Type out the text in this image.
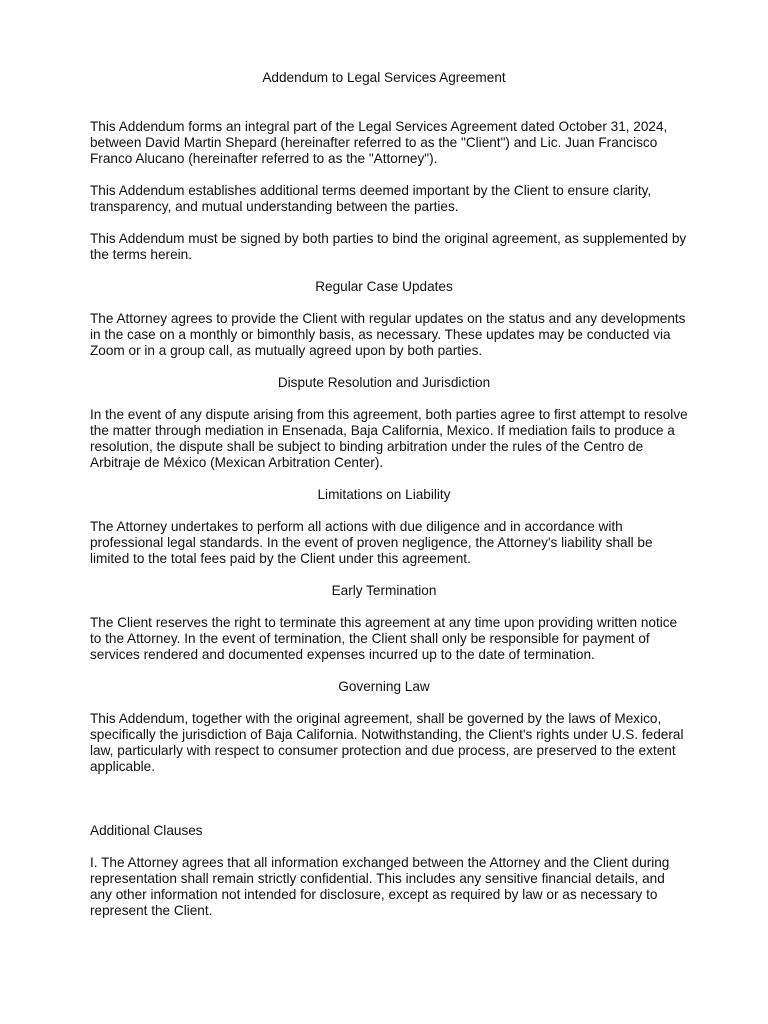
Addendum to Legal Services Agreement

This Addendum forms an integral part of the Legal Services Agreement dated October 31, 2024, between David Martin Shepard (hereinafter referred to as the "Client") and Lic. Juan Francisco Franco Alucano (hereinafter referred to as the "Attorney").

This Addendum establishes additional terms deemed important by the Client to ensure clarity, transparency, and mutual understanding between the parties.

This Addendum must be signed by both parties to bind the original agreement, as supplemented by the terms herein.

Regular Case Updates

The Attorney agrees to provide the Client with regular updates on the status and any developments in the case on a monthly or bimonthly basis, as necessary. These updates may be conducted via Zoom or in a group call, as mutually agreed upon by both parties.

Dispute Resolution and Jurisdiction

In the event of any dispute arising from this agreement, both parties agree to first attempt to resolve the matter through mediation in Ensenada, Baja California, Mexico. If mediation fails to produce a resolution, the dispute shall be subject to binding arbitration under the rules of the Centro de Arbitraje de México (Mexican Arbitration Center).

Limitations on Liability

The Attorney undertakes to perform all actions with due diligence and in accordance with professional legal standards. In the event of proven negligence, the Attorney's liability shall be limited to the total fees paid by the Client under this agreement.

Early Termination

The Client reserves the right to terminate this agreement at any time upon providing written notice to the Attorney. In the event of termination, the Client shall only be responsible for payment of services rendered and documented expenses incurred up to the date of termination.

Governing Law

This Addendum, together with the original agreement, shall be governed by the laws of Mexico, specifically the jurisdiction of Baja California. Notwithstanding, the Client's rights under U.S. federal law, particularly with respect to consumer protection and due process, are preserved to the extent applicable.

Additional Clauses

I. The Attorney agrees that all information exchanged between the Attorney and the Client during representation shall remain strictly confidential. This includes any sensitive financial details, and any other information not intended for disclosure, except as required by law or as necessary to represent the Client.
